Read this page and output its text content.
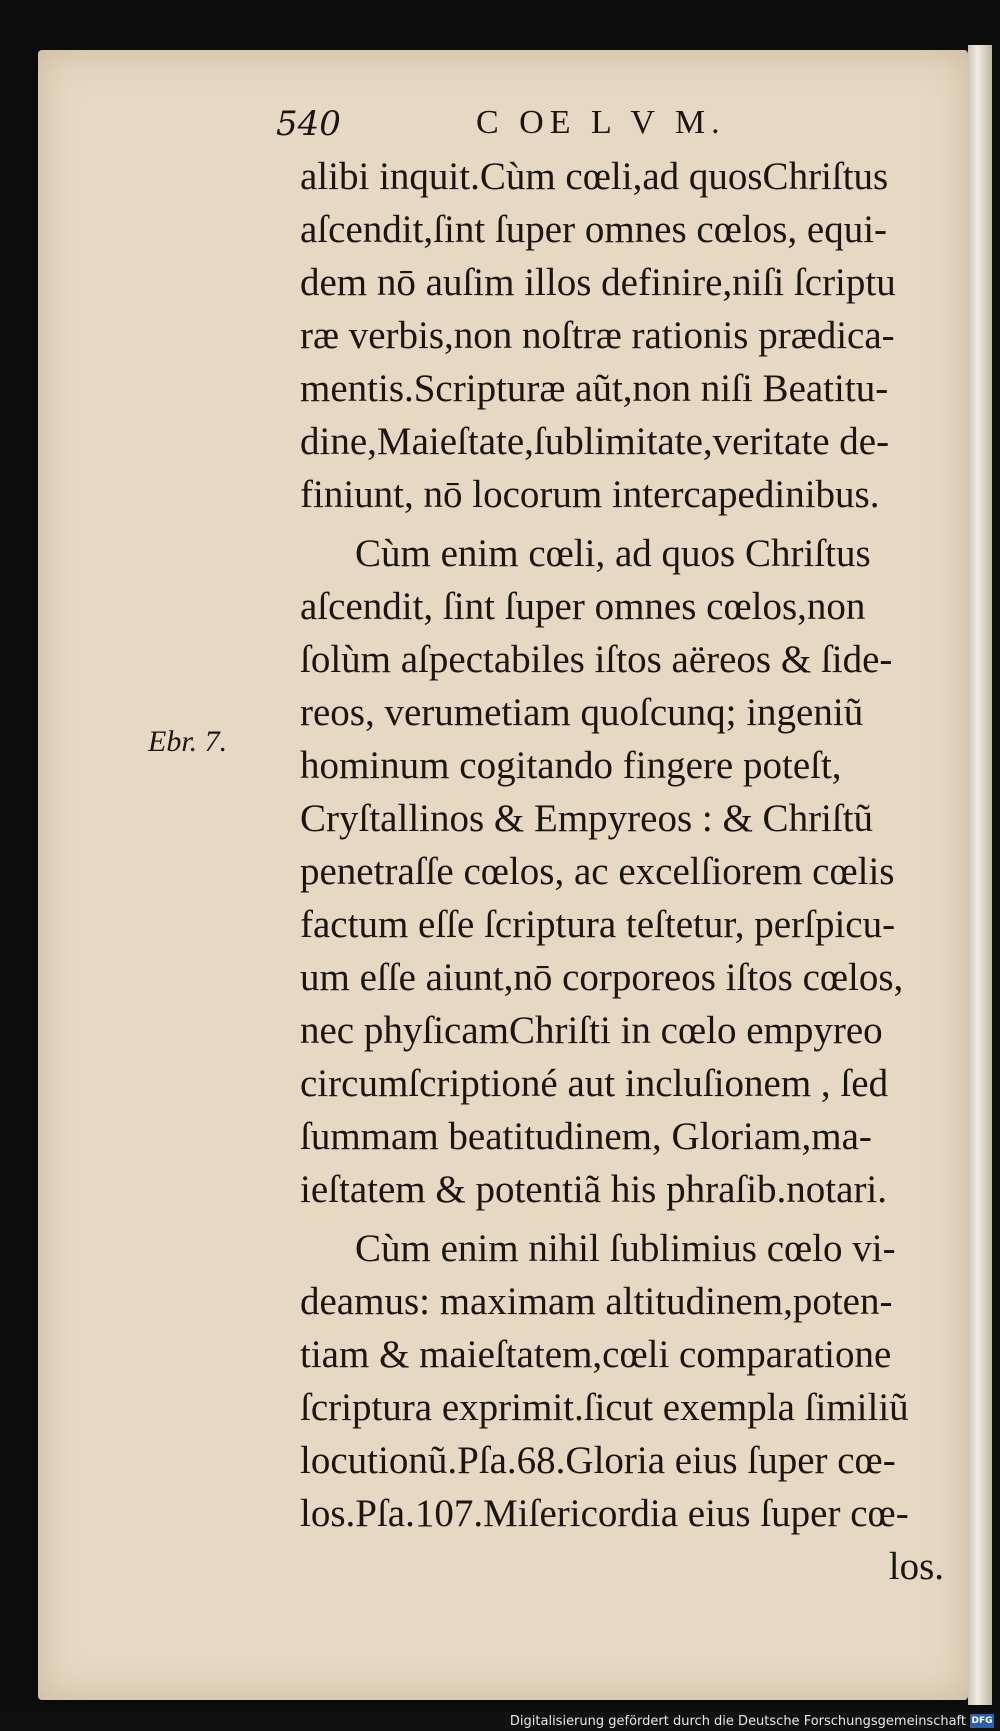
540	C OE L V M.
Ebr. 7.
alibi inquit.Cùm cœli,ad quosChriſtus
aſcendit,ſint ſuper omnes cœlos, equi-
dem nō auſim illos definire,niſi ſcriptu
ræ verbis,non noſtræ rationis prædica-
mentis.Scripturæ aũt,non niſi Beatitu-
dine,Maieſtate,ſublimitate,veritate de-
finiunt, nō locorum intercapedinibus.
Cùm enim cœli, ad quos Chriſtus
aſcendit, ſint ſuper omnes cœlos,non
ſolùm aſpectabiles iſtos aëreos & ſide-
reos, verumetiam quoſcunq; ingeniũ
hominum cogitando fingere poteſt,
Cryſtallinos & Empyreos : & Chriſtũ
penetraſſe cœlos, ac excelſiorem cœlis
factum eſſe ſcriptura teſtetur, perſpicu-
um eſſe aiunt,nō corporeos iſtos cœlos,
nec phyſicamChriſti in cœlo empyreo
circumſcriptioné aut incluſionem , ſed
ſummam beatitudinem, Gloriam,ma-
ieſtatem & potentiã his phraſib.notari.
Cùm enim nihil ſublimius cœlo vi-
deamus: maximam altitudinem,poten-
tiam & maieſtatem,cœli comparatione
ſcriptura exprimit.ſicut exempla ſimiliũ
locutionũ.Pſa.68.Gloria eius ſuper cœ-
los.Pſa.107.Miſericordia eius ſuper cœ-
los.
Digitalisierung gefördert durch die Deutsche Forschungsgemeinschaft DFG
